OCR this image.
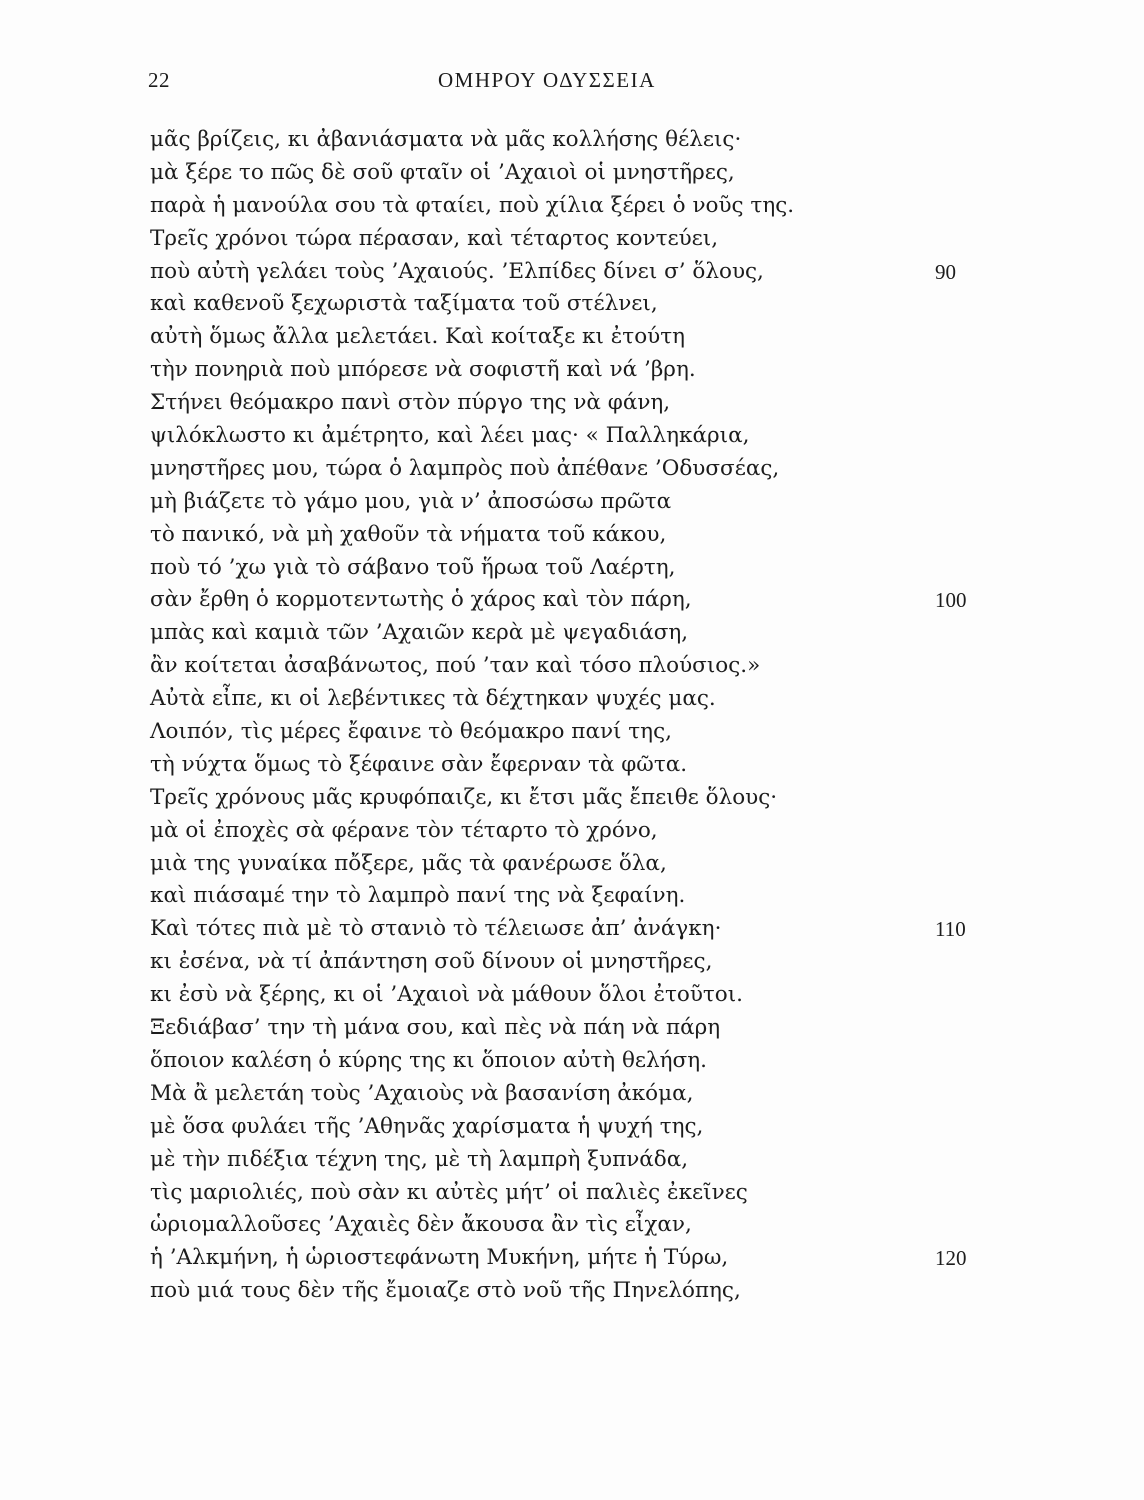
22	ΟΜΗΡΟΥ ΟΔΥΣΣΕΙΑ
μᾶς βρίζεις, κι ἀβανιάσματα νὰ μᾶς κολλήσης θέλεις·
μὰ ξέρε το πῶς δὲ σοῦ φταῖν οἱ ’Αχαιοὶ οἱ μνηστῆρες,
παρὰ ἡ μανούλα σου τὰ φταίει, ποὺ χίλια ξέρει ὁ νοῦς της.
Τρεῖς χρόνοι τώρα πέρασαν, καὶ τέταρτος κοντεύει,
ποὺ αὐτὴ γελάει τοὺς ’Αχαιούς. ’Ελπίδες δίνει σ’ ὅλους,	90
καὶ καθενοῦ ξεχωριστὰ ταξίματα τοῦ στέλνει,
αὐτὴ ὅμως ἄλλα μελετάει. Καὶ κοίταξε κι ἐτούτη
τὴν πονηριὰ ποὺ μπόρεσε νὰ σοφιστῆ καὶ νά ’βρη.
Στήνει θεόμακρο πανὶ στὸν πύργο της νὰ φάνη,
ψιλόκλωστο κι ἀμέτρητο, καὶ λέει μας· « Παλληκάρια,
μνηστῆρες μου, τώρα ὁ λαμπρὸς ποὺ ἀπέθανε ’Οδυσσέας,
μὴ βιάζετε τὸ γάμο μου, γιὰ ν’ ἀποσώσω πρῶτα
τὸ πανικό, νὰ μὴ χαθοῦν τὰ νήματα τοῦ κάκου,
ποὺ τό ’χω γιὰ τὸ σάβανο τοῦ ἥρωα τοῦ Λαέρτη,
σὰν ἔρθη ὁ κορμοτεντωτὴς ὁ χάρος καὶ τὸν πάρη,	100
μπὰς καὶ καμιὰ τῶν ’Αχαιῶν κερὰ μὲ ψεγαδιάση,
ἂν κοίτεται ἀσαβάνωτος, πού ’ταν καὶ τόσο πλούσιος.»
Αὐτὰ εἶπε, κι οἱ λεβέντικες τὰ δέχτηκαν ψυχές μας.
Λοιπόν, τὶς μέρες ἔφαινε τὸ θεόμακρο πανί της,
τὴ νύχτα ὅμως τὸ ξέφαινε σὰν ἔφερναν τὰ φῶτα.
Τρεῖς χρόνους μᾶς κρυφόπαιζε, κι ἔτσι μᾶς ἔπειθε ὅλους·
μὰ οἱ ἐποχὲς σὰ φέρανε τὸν τέταρτο τὸ χρόνο,
μιὰ της γυναίκα πὄξερε, μᾶς τὰ φανέρωσε ὅλα,
καὶ πιάσαμέ την τὸ λαμπρὸ πανί της νὰ ξεφαίνη.
Καὶ τότες πιὰ μὲ τὸ στανιὸ τὸ τέλειωσε ἀπ’ ἀνάγκη·	110
κι ἐσένα, νὰ τί ἀπάντηση σοῦ δίνουν οἱ μνηστῆρες,
κι ἐσὺ νὰ ξέρης, κι οἱ ’Αχαιοὶ νὰ μάθουν ὅλοι ἐτοῦτοι.
Ξεδιάβασ’ την τὴ μάνα σου, καὶ πὲς νὰ πάη νὰ πάρη
ὅποιον καλέση ὁ κύρης της κι ὅποιον αὐτὴ θελήση.
Μὰ ἂ μελετάη τοὺς ’Αχαιοὺς νὰ βασανίση ἀκόμα,
μὲ ὅσα φυλάει τῆς ’Αθηνᾶς χαρίσματα ἡ ψυχή της,
μὲ τὴν πιδέξια τέχνη της, μὲ τὴ λαμπρὴ ξυπνάδα,
τὶς μαριολιές, ποὺ σὰν κι αὐτὲς μήτ’ οἱ παλιὲς ἐκεῖνες
ὡριομαλλοῦσες ’Αχαιὲς δὲν ἄκουσα ἂν τὶς εἶχαν,
ἡ ’Αλκμήνη, ἡ ὡριοστεφάνωτη Μυκήνη, μήτε ἡ Τύρω,	120
ποὺ μιά τους δὲν τῆς ἔμοιαζε στὸ νοῦ τῆς Πηνελόπης,
